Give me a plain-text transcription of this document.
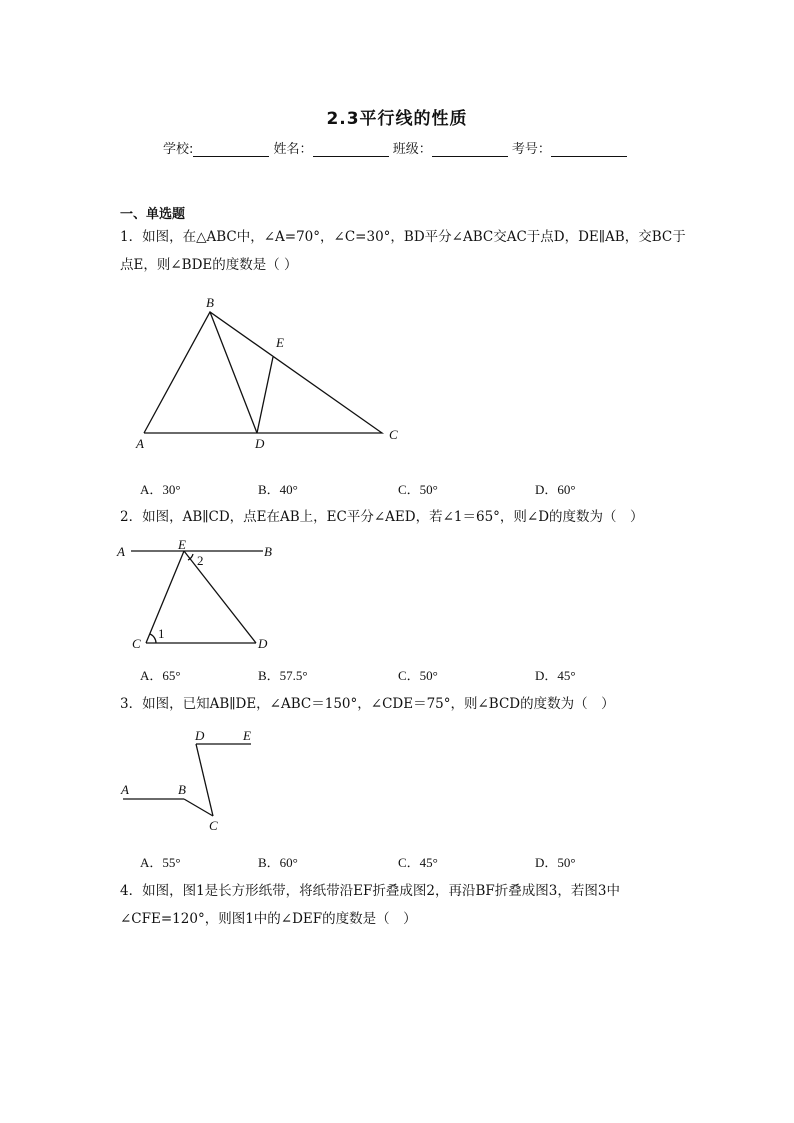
2.3平行线的性质
学校:	姓名：	班级：	考号：
一、单选题
1．如图，在△ABC中，∠A=70°，∠C=30°，BD平分∠ABC交AC于点D，DE∥AB，交BC于
点E，则∠BDE的度数是（ ）
B
A	D
E
C
A．30°	B．40°	C．50°	D．60°
2．如图，AB∥CD，点E在AB上，EC平分∠AED，若∠1＝65°，则∠D的度数为（　）
A	E	B
2
1
C	D
A．65°	B．57.5°	C．50°	D．45°
3．如图，已知AB∥DE，∠ABC＝150°，∠CDE＝75°，则∠BCD的度数为（　）
D	E
A	B
C
A．55°	B．60°	C．45°	D．50°
4．如图，图1是长方形纸带，将纸带沿EF折叠成图2，再沿BF折叠成图3，若图3中
∠CFE=120°，则图1中的∠DEF的度数是（　）
